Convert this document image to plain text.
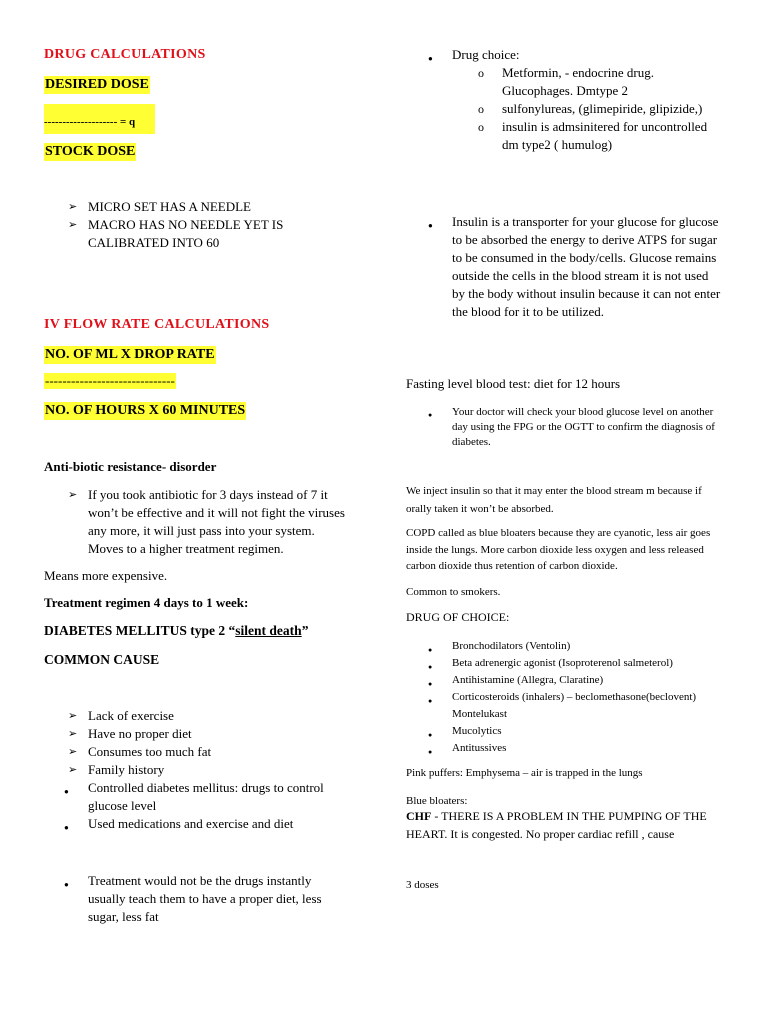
DRUG CALCULATIONS
DESIRED DOSE
-------------------- = q
STOCK DOSE
➢ MICRO SET HAS A NEEDLE
➢ MACRO HAS NO NEEDLE YET IS CALIBRATED INTO 60
IV FLOW RATE CALCULATIONS
NO. OF ML X DROP RATE
------------------------------
NO. OF HOURS X 60 MINUTES
Anti-biotic resistance- disorder
➢ If you took antibiotic for 3 days instead of 7 it won’t be effective and it will not fight the viruses any more, it will just pass into your system. Moves to a higher treatment regimen.
Means more expensive.
Treatment regimen 4 days to 1 week:
DIABETES MELLITUS type 2 “silent death”
COMMON CAUSE
➢ Lack of exercise
➢ Have no proper diet
➢ Consumes too much fat
➢ Family history
● Controlled diabetes mellitus: drugs to control glucose level
● Used medications and exercise and diet
● Treatment would not be the drugs instantly usually teach them to have a proper diet, less sugar, less fat
● Drug choice:
o Metformin, - endocrine drug. Glucophages. Dmtype 2
o sulfonylureas, (glimepiride, glipizide,)
o insulin is admsinitered for uncontrolled dm type2 ( humulog)
● Insulin is a transporter for your glucose for glucose to be absorbed the energy to derive ATPS for sugar to be consumed in the body/cells. Glucose remains outside the cells in the blood stream it is not used by the body without insulin because it can not enter the blood for it to be utilized.
Fasting level blood test: diet for 12 hours
● Your doctor will check your blood glucose level on another day using the FPG or the OGTT to confirm the diagnosis of diabetes.
We inject insulin so that it may enter the blood stream m because if orally taken it won’t be absorbed.
COPD called as blue bloaters because they are cyanotic, less air goes inside the lungs. More carbon dioxide less oxygen and less released carbon dioxide thus retention of carbon dioxide.
Common to smokers.
DRUG OF CHOICE:
● Bronchodilators (Ventolin)
● Beta adrenergic agonist (Isoproterenol salmeterol)
● Antihistamine (Allegra, Claratine)
● Corticosteroids (inhalers) – beclomethasone(beclovent) Montelukast
● Mucolytics
● Antitussives
Pink puffers: Emphysema – air is trapped in the lungs
Blue bloaters:
CHF - THERE IS A PROBLEM IN THE PUMPING OF THE HEART. It is congested. No proper cardiac refill , cause
3 doses
